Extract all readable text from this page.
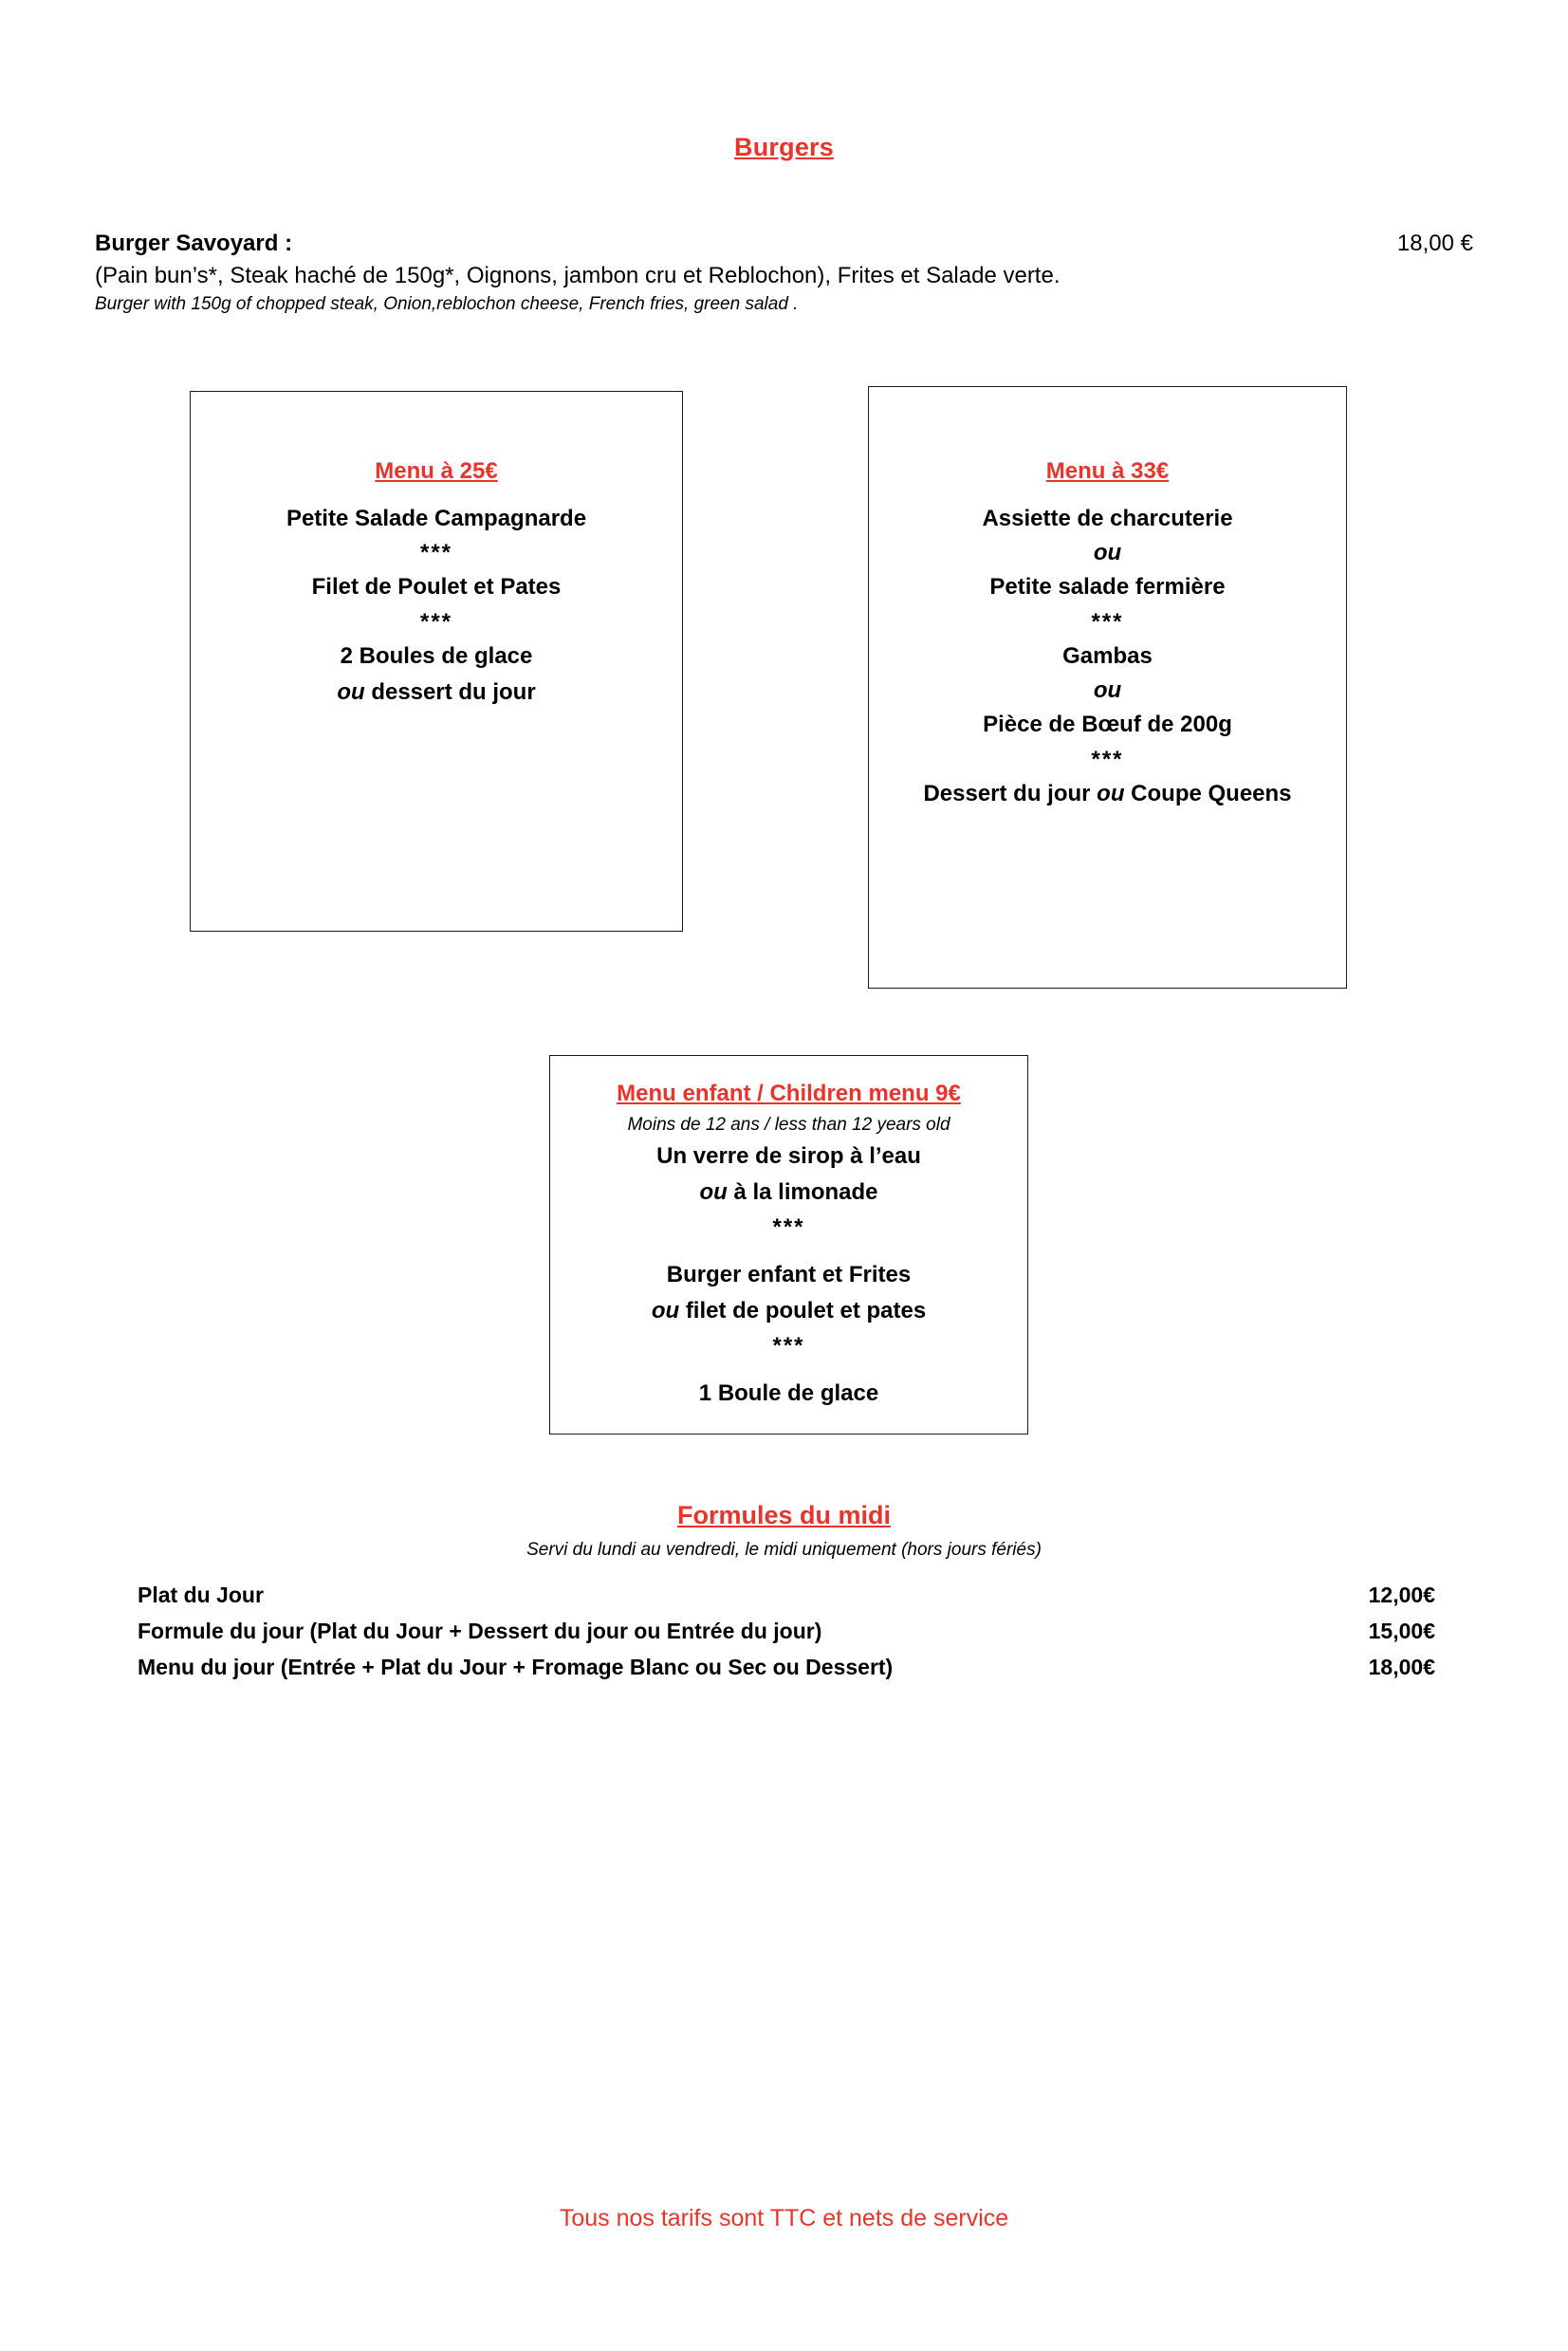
Burgers
Burger Savoyard :	18,00 €
(Pain bun’s*, Steak haché de 150g*, Oignons, jambon cru et Reblochon), Frites et Salade verte.
Burger with 150g of chopped steak, Onion,reblochon cheese, French fries, green salad .
Menu à 25€
Petite Salade Campagnarde
***
Filet de Poulet et Pates
***
2 Boules de glace
ou dessert du jour
Menu à 33€
Assiette de charcuterie
ou
Petite salade fermière
***
Gambas
ou
Pièce de Bœuf de 200g
***
Dessert du jour ou Coupe Queens
Menu enfant / Children menu 9€
Moins de 12 ans / less than 12 years old
Un verre de sirop à l’eau
ou à la limonade
***
Burger enfant et Frites
ou filet de poulet et pates
***
1 Boule de glace
Formules du midi
Servi du lundi au vendredi, le midi uniquement (hors jours fériés)
Plat du Jour	12,00€
Formule du jour (Plat du Jour + Dessert du jour ou Entrée du jour)	15,00€
Menu du jour (Entrée + Plat du Jour + Fromage Blanc ou Sec ou Dessert)	18,00€
Tous nos tarifs sont TTC et nets de service
